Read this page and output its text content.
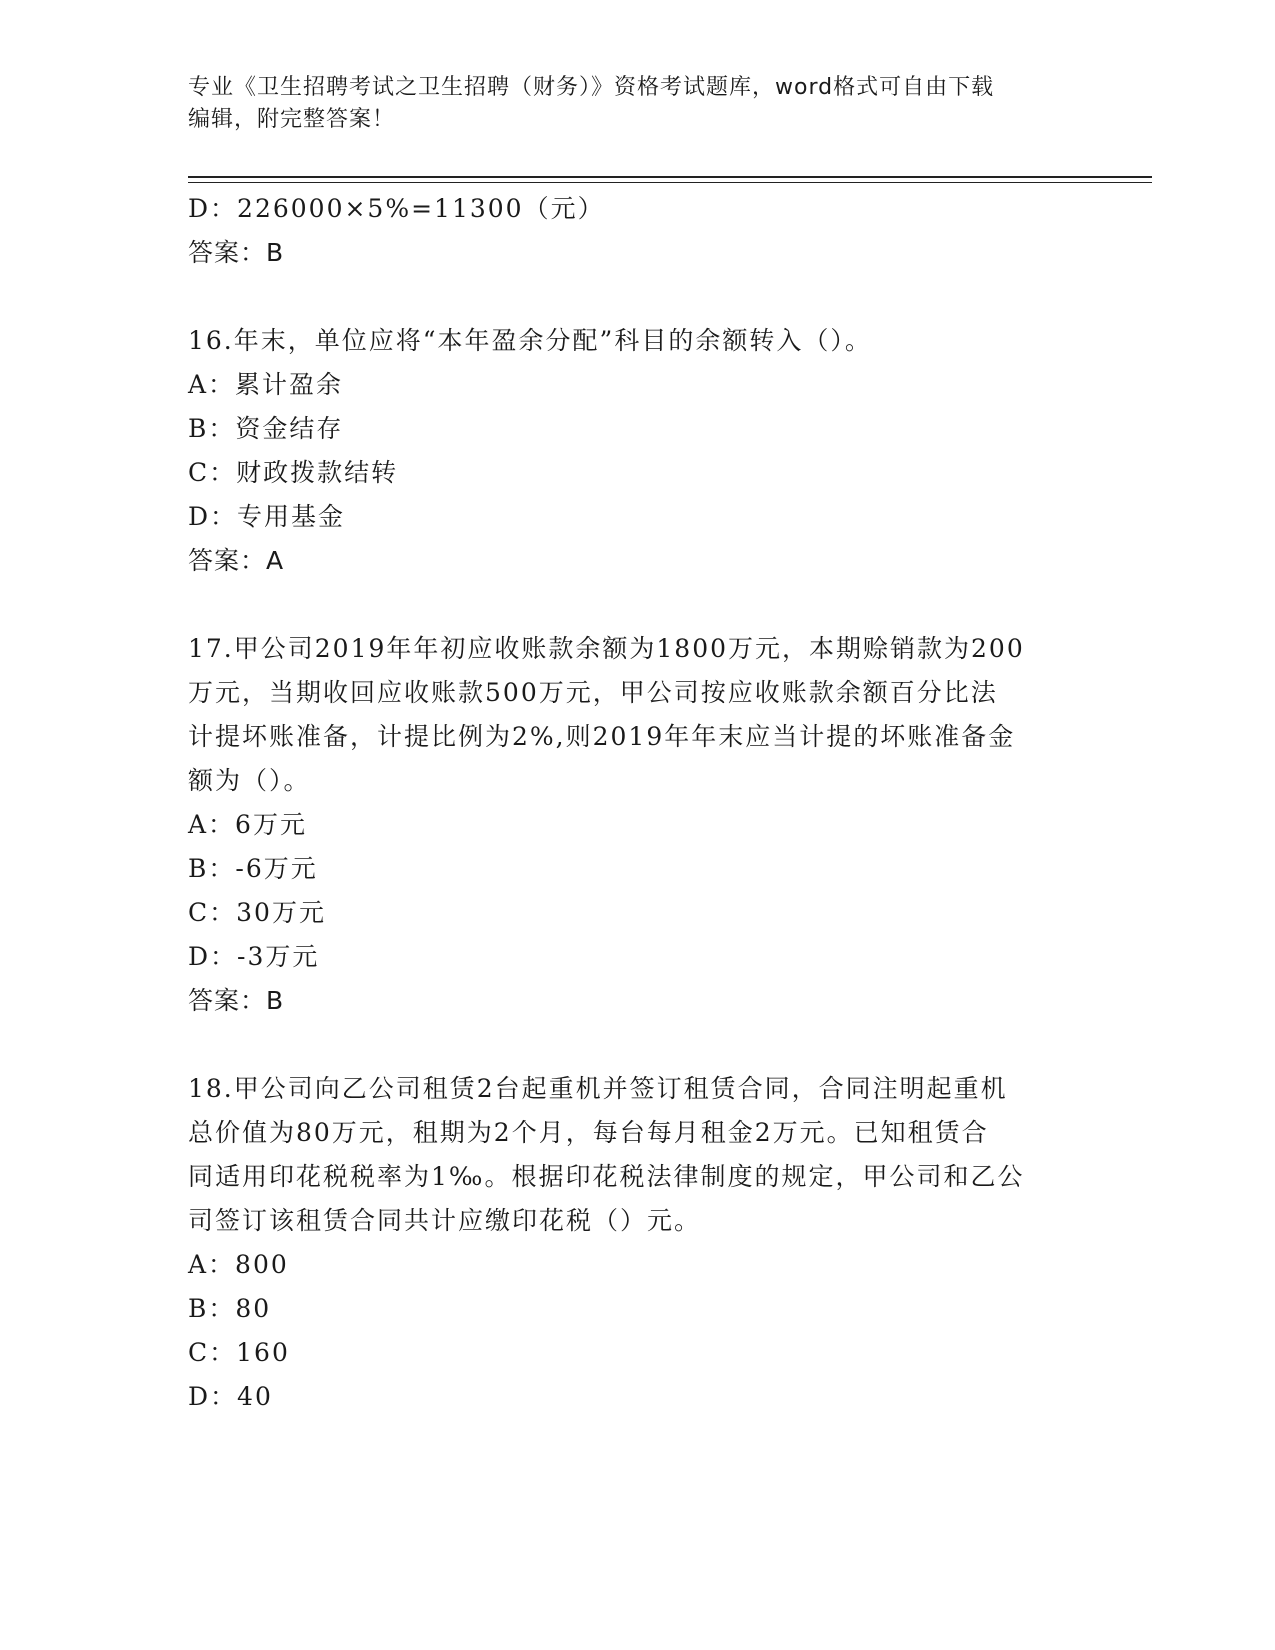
专业《卫生招聘考试之卫生招聘（财务）》资格考试题库，word格式可自由下载
编辑，附完整答案！
D：226000×5%=11300（元）
答案：B
16.年末，单位应将“本年盈余分配”科目的余额转入（）。
A：累计盈余
B：资金结存
C：财政拨款结转
D：专用基金
答案：A
17.甲公司2019年年初应收账款余额为1800万元，本期赊销款为200
万元，当期收回应收账款500万元，甲公司按应收账款余额百分比法
计提坏账准备，计提比例为2%,则2019年年末应当计提的坏账准备金
额为（）。
A：6万元
B：-6万元
C：30万元
D：-3万元
答案：B
18.甲公司向乙公司租赁2台起重机并签订租赁合同，合同注明起重机
总价值为80万元，租期为2个月，每台每月租金2万元。已知租赁合
同适用印花税税率为1‰。根据印花税法律制度的规定，甲公司和乙公
司签订该租赁合同共计应缴印花税（）元。
A：800
B：80
C：160
D：40
